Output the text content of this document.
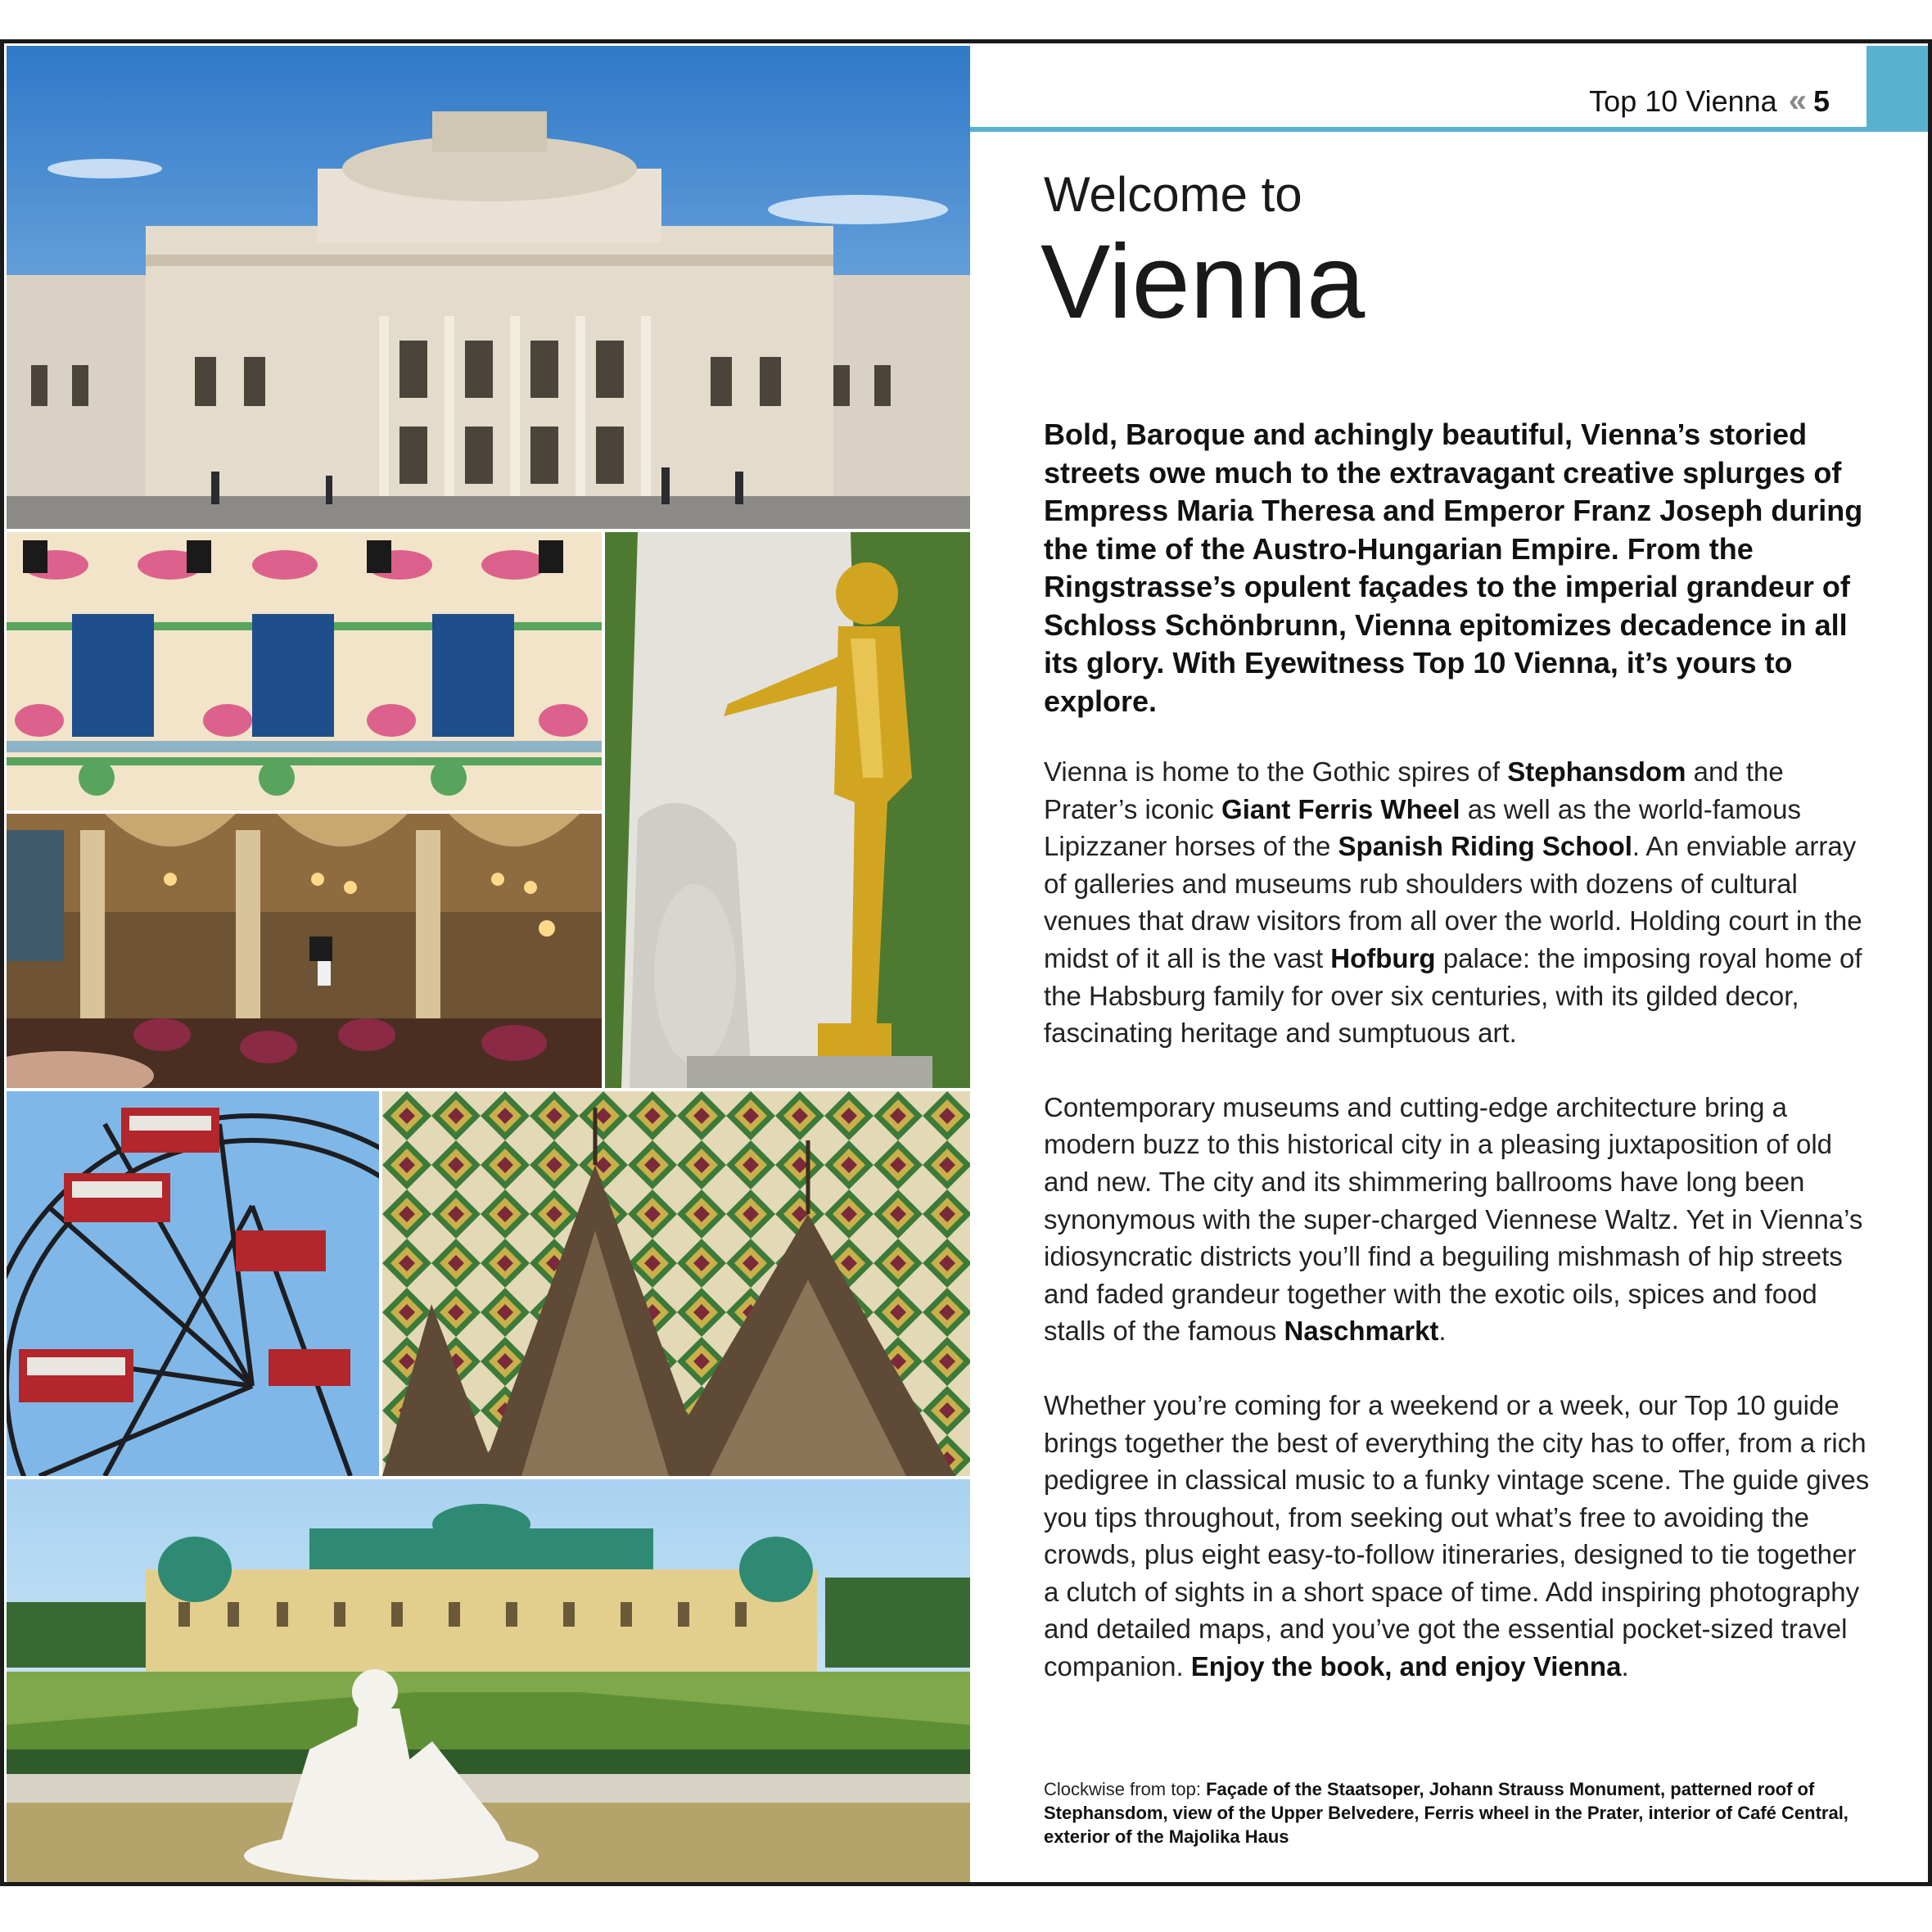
Top 10 Vienna « 5
Welcome to
Vienna

Bold, Baroque and achingly beautiful, Vienna’s storied streets owe much to the extravagant creative splurges of Empress Maria Theresa and Emperor Franz Joseph during the time of the Austro-Hungarian Empire. From the Ringstrasse’s opulent façades to the imperial grandeur of Schloss Schönbrunn, Vienna epitomizes decadence in all its glory. With Eyewitness Top 10 Vienna, it’s yours to explore.

Vienna is home to the Gothic spires of Stephansdom and the Prater’s iconic Giant Ferris Wheel as well as the world-famous Lipizzaner horses of the Spanish Riding School. An enviable array of galleries and museums rub shoulders with dozens of cultural venues that draw visitors from all over the world. Holding court in the midst of it all is the vast Hofburg palace: the imposing royal home of the Habsburg family for over six centuries, with its gilded decor, fascinating heritage and sumptuous art.

Contemporary museums and cutting-edge architecture bring a modern buzz to this historical city in a pleasing juxtaposition of old and new. The city and its shimmering ballrooms have long been synonymous with the super-charged Viennese Waltz. Yet in Vienna’s idiosyncratic districts you’ll find a beguiling mishmash of hip streets and faded grandeur together with the exotic oils, spices and food stalls of the famous Naschmarkt.

Whether you’re coming for a weekend or a week, our Top 10 guide brings together the best of everything the city has to offer, from a rich pedigree in classical music to a funky vintage scene. The guide gives you tips throughout, from seeking out what’s free to avoiding the crowds, plus eight easy-to-follow itineraries, designed to tie together a clutch of sights in a short space of time. Add inspiring photography and detailed maps, and you’ve got the essential pocket-sized travel companion. Enjoy the book, and enjoy Vienna.

Clockwise from top: Façade of the Staatsoper, Johann Strauss Monument, patterned roof of Stephansdom, view of the Upper Belvedere, Ferris wheel in the Prater, interior of Café Central, exterior of the Majolika Haus
